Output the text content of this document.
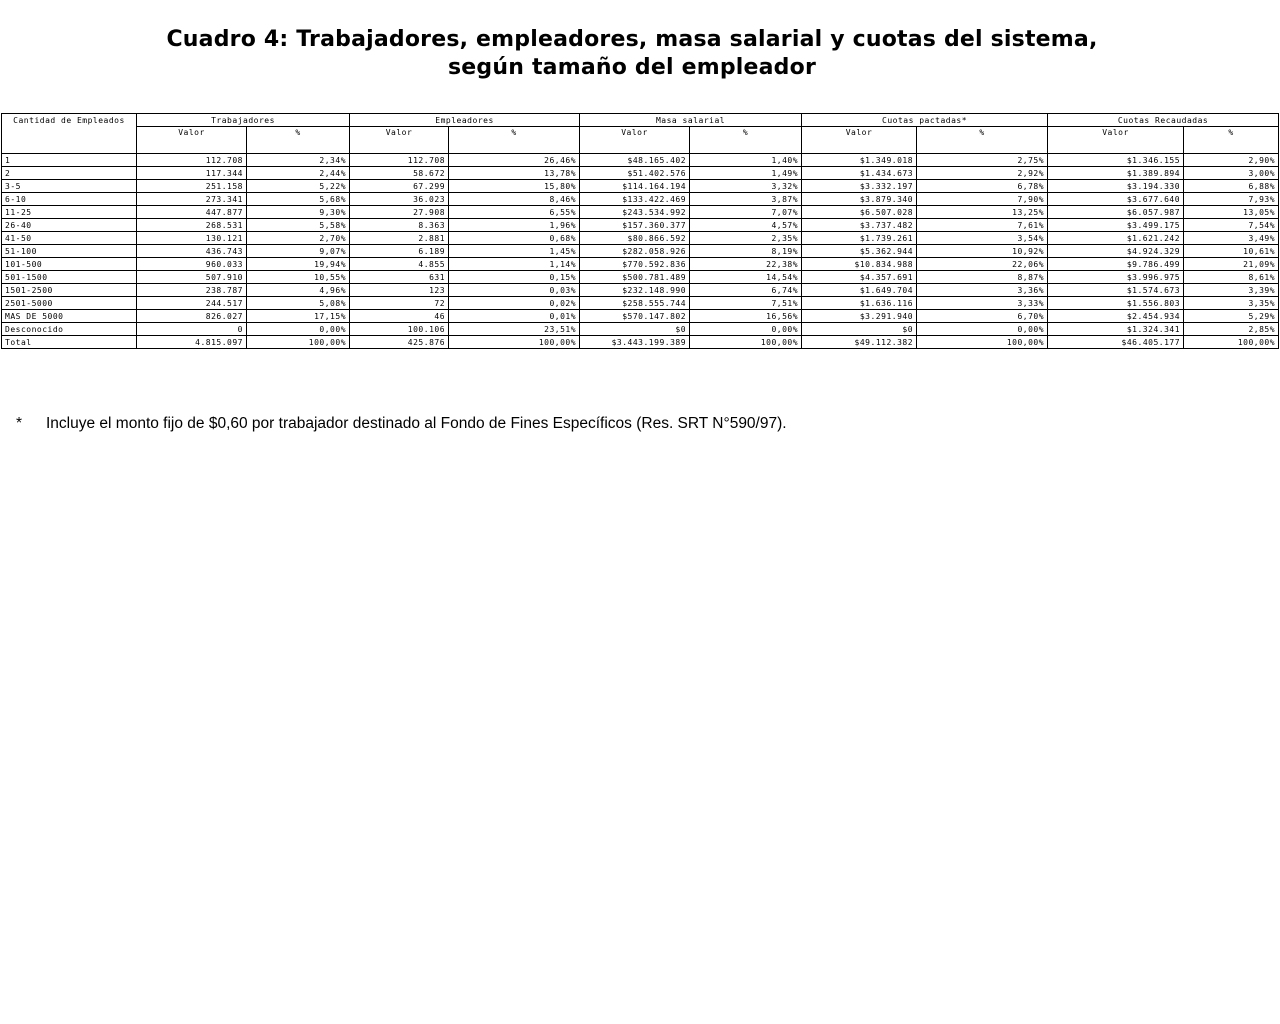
Cuadro 4: Trabajadores, empleadores, masa salarial y cuotas del sistema,
según tamaño del empleador
Cantidad de Empleados	Trabajadores		Empleadores		Masa salarial		Cuotas pactadas*		Cuotas Recaudadas	
	Valor	%	Valor	%	Valor	%	Valor	%	Valor	%
1	112.708	2,34%	112.708	26,46%	$48.165.402	1,40%	$1.349.018	2,75%	$1.346.155	2,90%
2	117.344	2,44%	58.672	13,78%	$51.402.576	1,49%	$1.434.673	2,92%	$1.389.894	3,00%
3-5	251.158	5,22%	67.299	15,80%	$114.164.194	3,32%	$3.332.197	6,78%	$3.194.330	6,88%
6-10	273.341	5,68%	36.023	8,46%	$133.422.469	3,87%	$3.879.340	7,90%	$3.677.640	7,93%
11-25	447.877	9,30%	27.908	6,55%	$243.534.992	7,07%	$6.507.028	13,25%	$6.057.987	13,05%
26-40	268.531	5,58%	8.363	1,96%	$157.360.377	4,57%	$3.737.482	7,61%	$3.499.175	7,54%
41-50	130.121	2,70%	2.881	0,68%	$80.866.592	2,35%	$1.739.261	3,54%	$1.621.242	3,49%
51-100	436.743	9,07%	6.189	1,45%	$282.058.926	8,19%	$5.362.944	10,92%	$4.924.329	10,61%
101-500	960.033	19,94%	4.855	1,14%	$770.592.836	22,38%	$10.834.988	22,06%	$9.786.499	21,09%
501-1500	507.910	10,55%	631	0,15%	$500.781.489	14,54%	$4.357.691	8,87%	$3.996.975	8,61%
1501-2500	238.787	4,96%	123	0,03%	$232.148.990	6,74%	$1.649.704	3,36%	$1.574.673	3,39%
2501-5000	244.517	5,08%	72	0,02%	$258.555.744	7,51%	$1.636.116	3,33%	$1.556.803	3,35%
MAS DE 5000	826.027	17,15%	46	0,01%	$570.147.802	16,56%	$3.291.940	6,70%	$2.454.934	5,29%
Desconocido	0	0,00%	100.106	23,51%	$0	0,00%	$0	0,00%	$1.324.341	2,85%
Total	4.815.097	100,00%	425.876	100,00%	$3.443.199.389	100,00%	$49.112.382	100,00%	$46.405.177	100,00%
* Incluye el monto fijo de $0,60 por trabajador destinado al Fondo de Fines Específicos (Res. SRT N°590/97).
